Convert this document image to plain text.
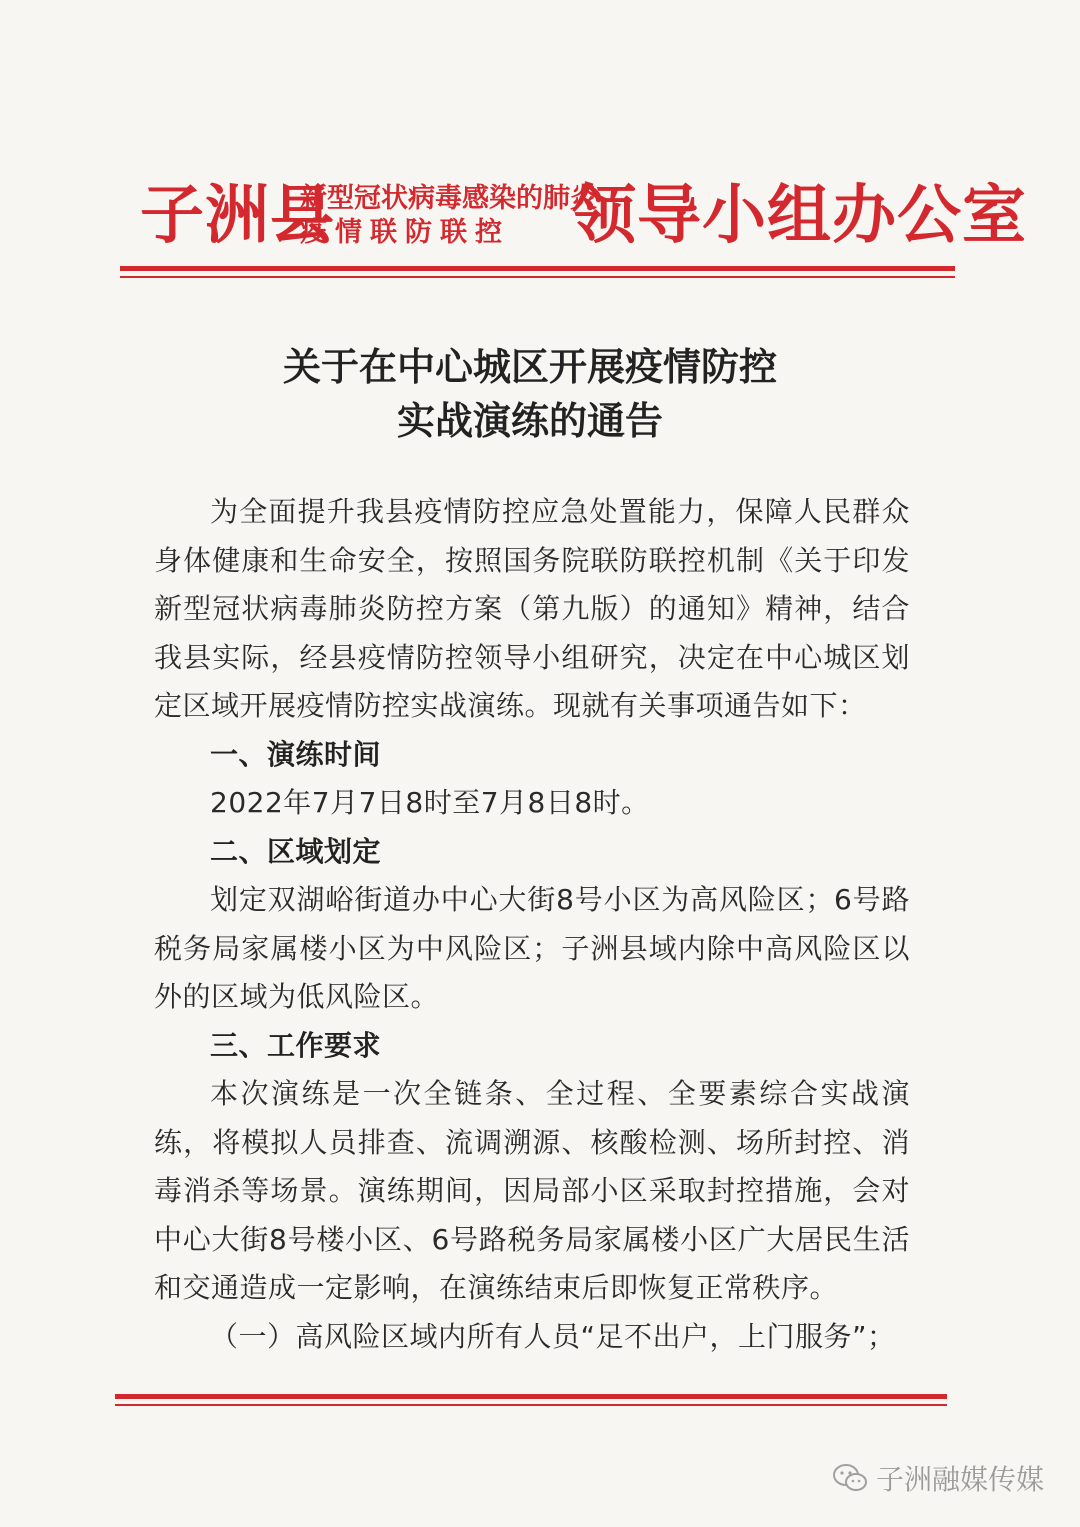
子洲县
新型冠状病毒感染的肺炎
疫情联防联控 领导小组办公室
关于在中心城区开展疫情防控
实战演练的通告

为全面提升我县疫情防控应急处置能力，保障人民群众身体健康和生命安全，按照国务院联防联控机制《关于印发新型冠状病毒肺炎防控方案（第九版）的通知》精神，结合我县实际，经县疫情防控领导小组研究，决定在中心城区划定区域开展疫情防控实战演练。现就有关事项通告如下：

一、演练时间

2022年7月7日8时至7月8日8时。

二、区域划定

划定双湖峪街道办中心大街8号小区为高风险区；6号路税务局家属楼小区为中风险区；子洲县域内除中高风险区以外的区域为低风险区。

三、工作要求

本次演练是一次全链条、全过程、全要素综合实战演练，将模拟人员排查、流调溯源、核酸检测、场所封控、消毒消杀等场景。演练期间，因局部小区采取封控措施，会对中心大街8号楼小区、6号路税务局家属楼小区广大居民生活和交通造成一定影响，在演练结束后即恢复正常秩序。

（一）高风险区域内所有人员“足不出户，上门服务”；

子洲融媒传媒
